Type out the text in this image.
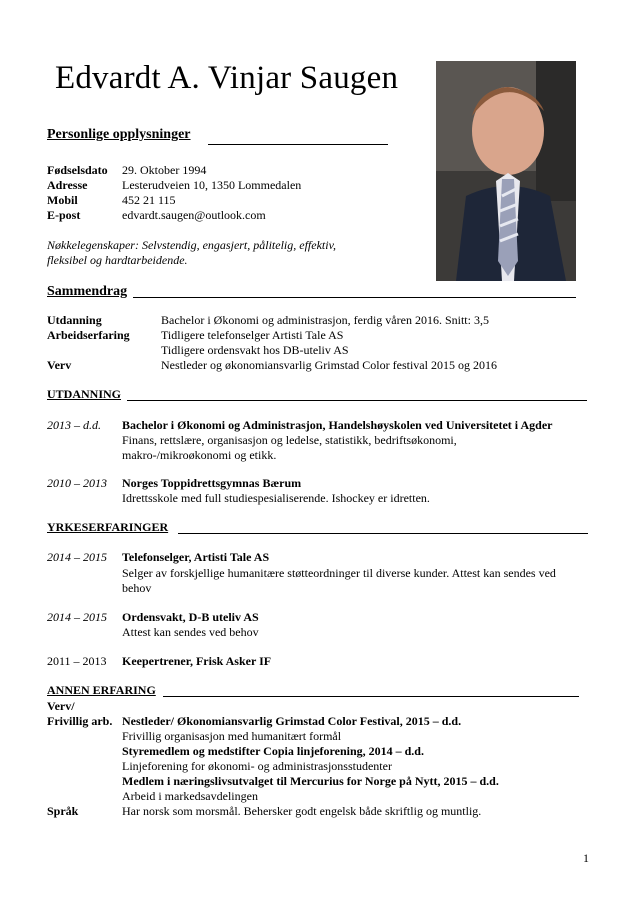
Edvardt A. Vinjar Saugen
Personlige opplysninger
Fødselsdato 29. Oktober 1994
Adresse	Lesterudveien 10, 1350 Lommedalen
Mobil	452 21 115
E-post	edvardt.saugen@outlook.com
Nøkkelegenskaper: Selvstendig, engasjert, pålitelig, effektiv,
fleksibel og hardtarbeidende.
Sammendrag
Utdanning	Bachelor i Økonomi og administrasjon, ferdig våren 2016. Snitt: 3,5
Arbeidserfaring	Tidligere telefonselger Artisti Tale AS
Tidligere ordensvakt hos DB-uteliv AS
Verv	Nestleder og økonomiansvarlig Grimstad Color festival 2015 og 2016
UTDANNING
2013 – d.d. Bachelor i Økonomi og Administrasjon, Handelshøyskolen ved Universitetet i Agder
Finans, rettslære, organisasjon og ledelse, statistikk, bedriftsøkonomi,
makro-/mikroøkonomi og etikk.
2010 – 2013 Norges Toppidrettsgymnas Bærum
Idrettsskole med full studiespesialiserende. Ishockey er idretten.
YRKESERFARINGER
2014 – 2015 Telefonselger, Artisti Tale AS
Selger av forskjellige humanitære støtteordninger til diverse kunder. Attest kan sendes ved
behov
2014 – 2015 Ordensvakt, D-B uteliv AS
Attest kan sendes ved behov
2011 – 2013 Keepertrener, Frisk Asker IF
ANNEN ERFARING
Verv/
Frivillig arb. Nestleder/ Økonomiansvarlig Grimstad Color Festival, 2015 – d.d.
Frivillig organisasjon med humanitært formål
Styremedlem og medstifter Copia linjeforening, 2014 – d.d.
Linjeforening for økonomi- og administrasjonsstudenter
Medlem i næringslivsutvalget til Mercurius for Norge på Nytt, 2015 – d.d.
Arbeid i markedsavdelingen
Språk	Har norsk som morsmål. Behersker godt engelsk både skriftlig og muntlig.
1
